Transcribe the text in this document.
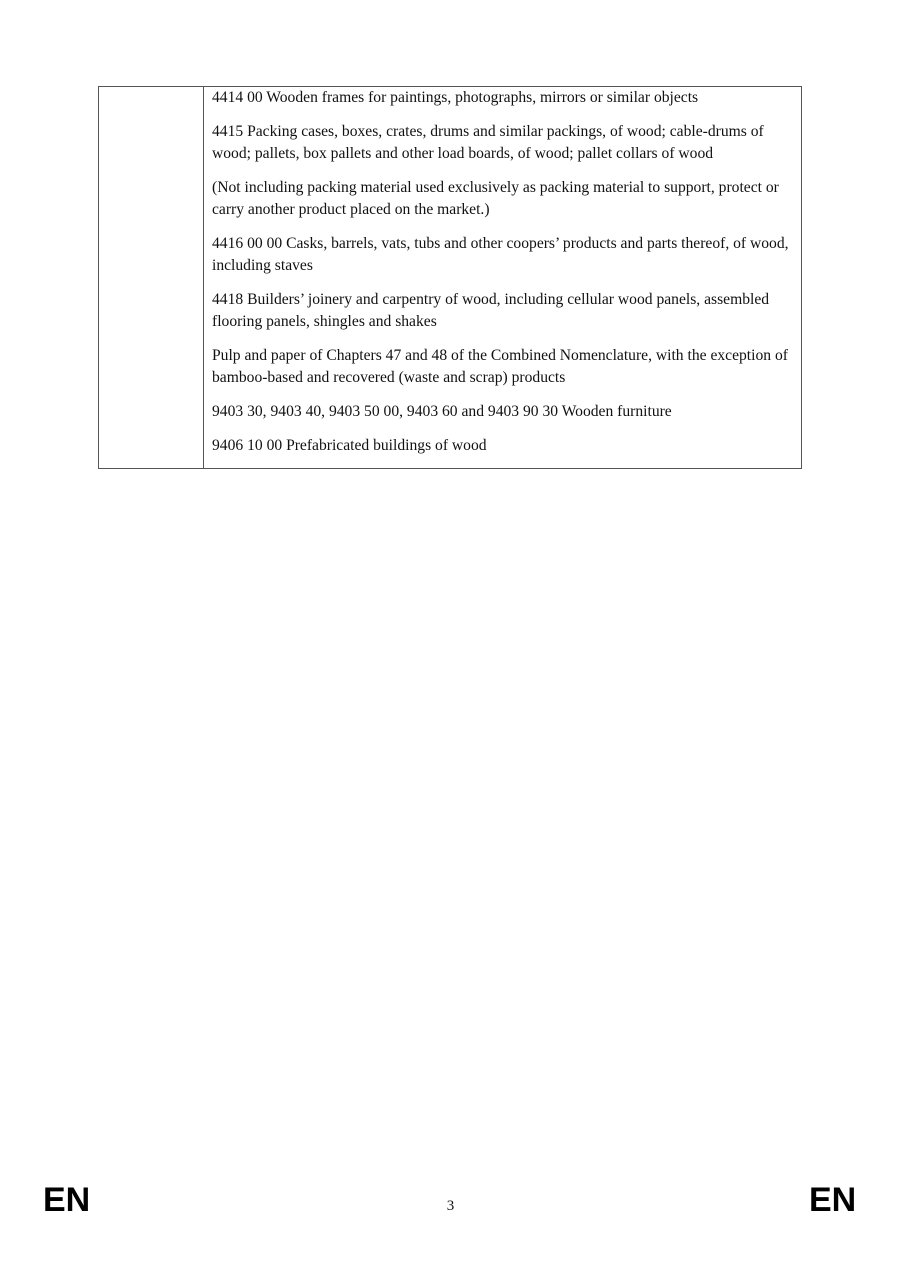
4414 00 Wooden frames for paintings, photographs, mirrors or similar objects

4415 Packing cases, boxes, crates, drums and similar packings, of wood; cable-drums of wood; pallets, box pallets and other load boards, of wood; pallet collars of wood

(Not including packing material used exclusively as packing material to support, protect or carry another product placed on the market.)

4416 00 00 Casks, barrels, vats, tubs and other coopers’ products and parts thereof, of wood, including staves

4418 Builders’ joinery and carpentry of wood, including cellular wood panels, assembled flooring panels, shingles and shakes

Pulp and paper of Chapters 47 and 48 of the Combined Nomenclature, with the exception of bamboo-based and recovered (waste and scrap) products

9403 30, 9403 40, 9403 50 00, 9403 60 and 9403 90 30 Wooden furniture

9406 10 00 Prefabricated buildings of wood

EN	3	EN
